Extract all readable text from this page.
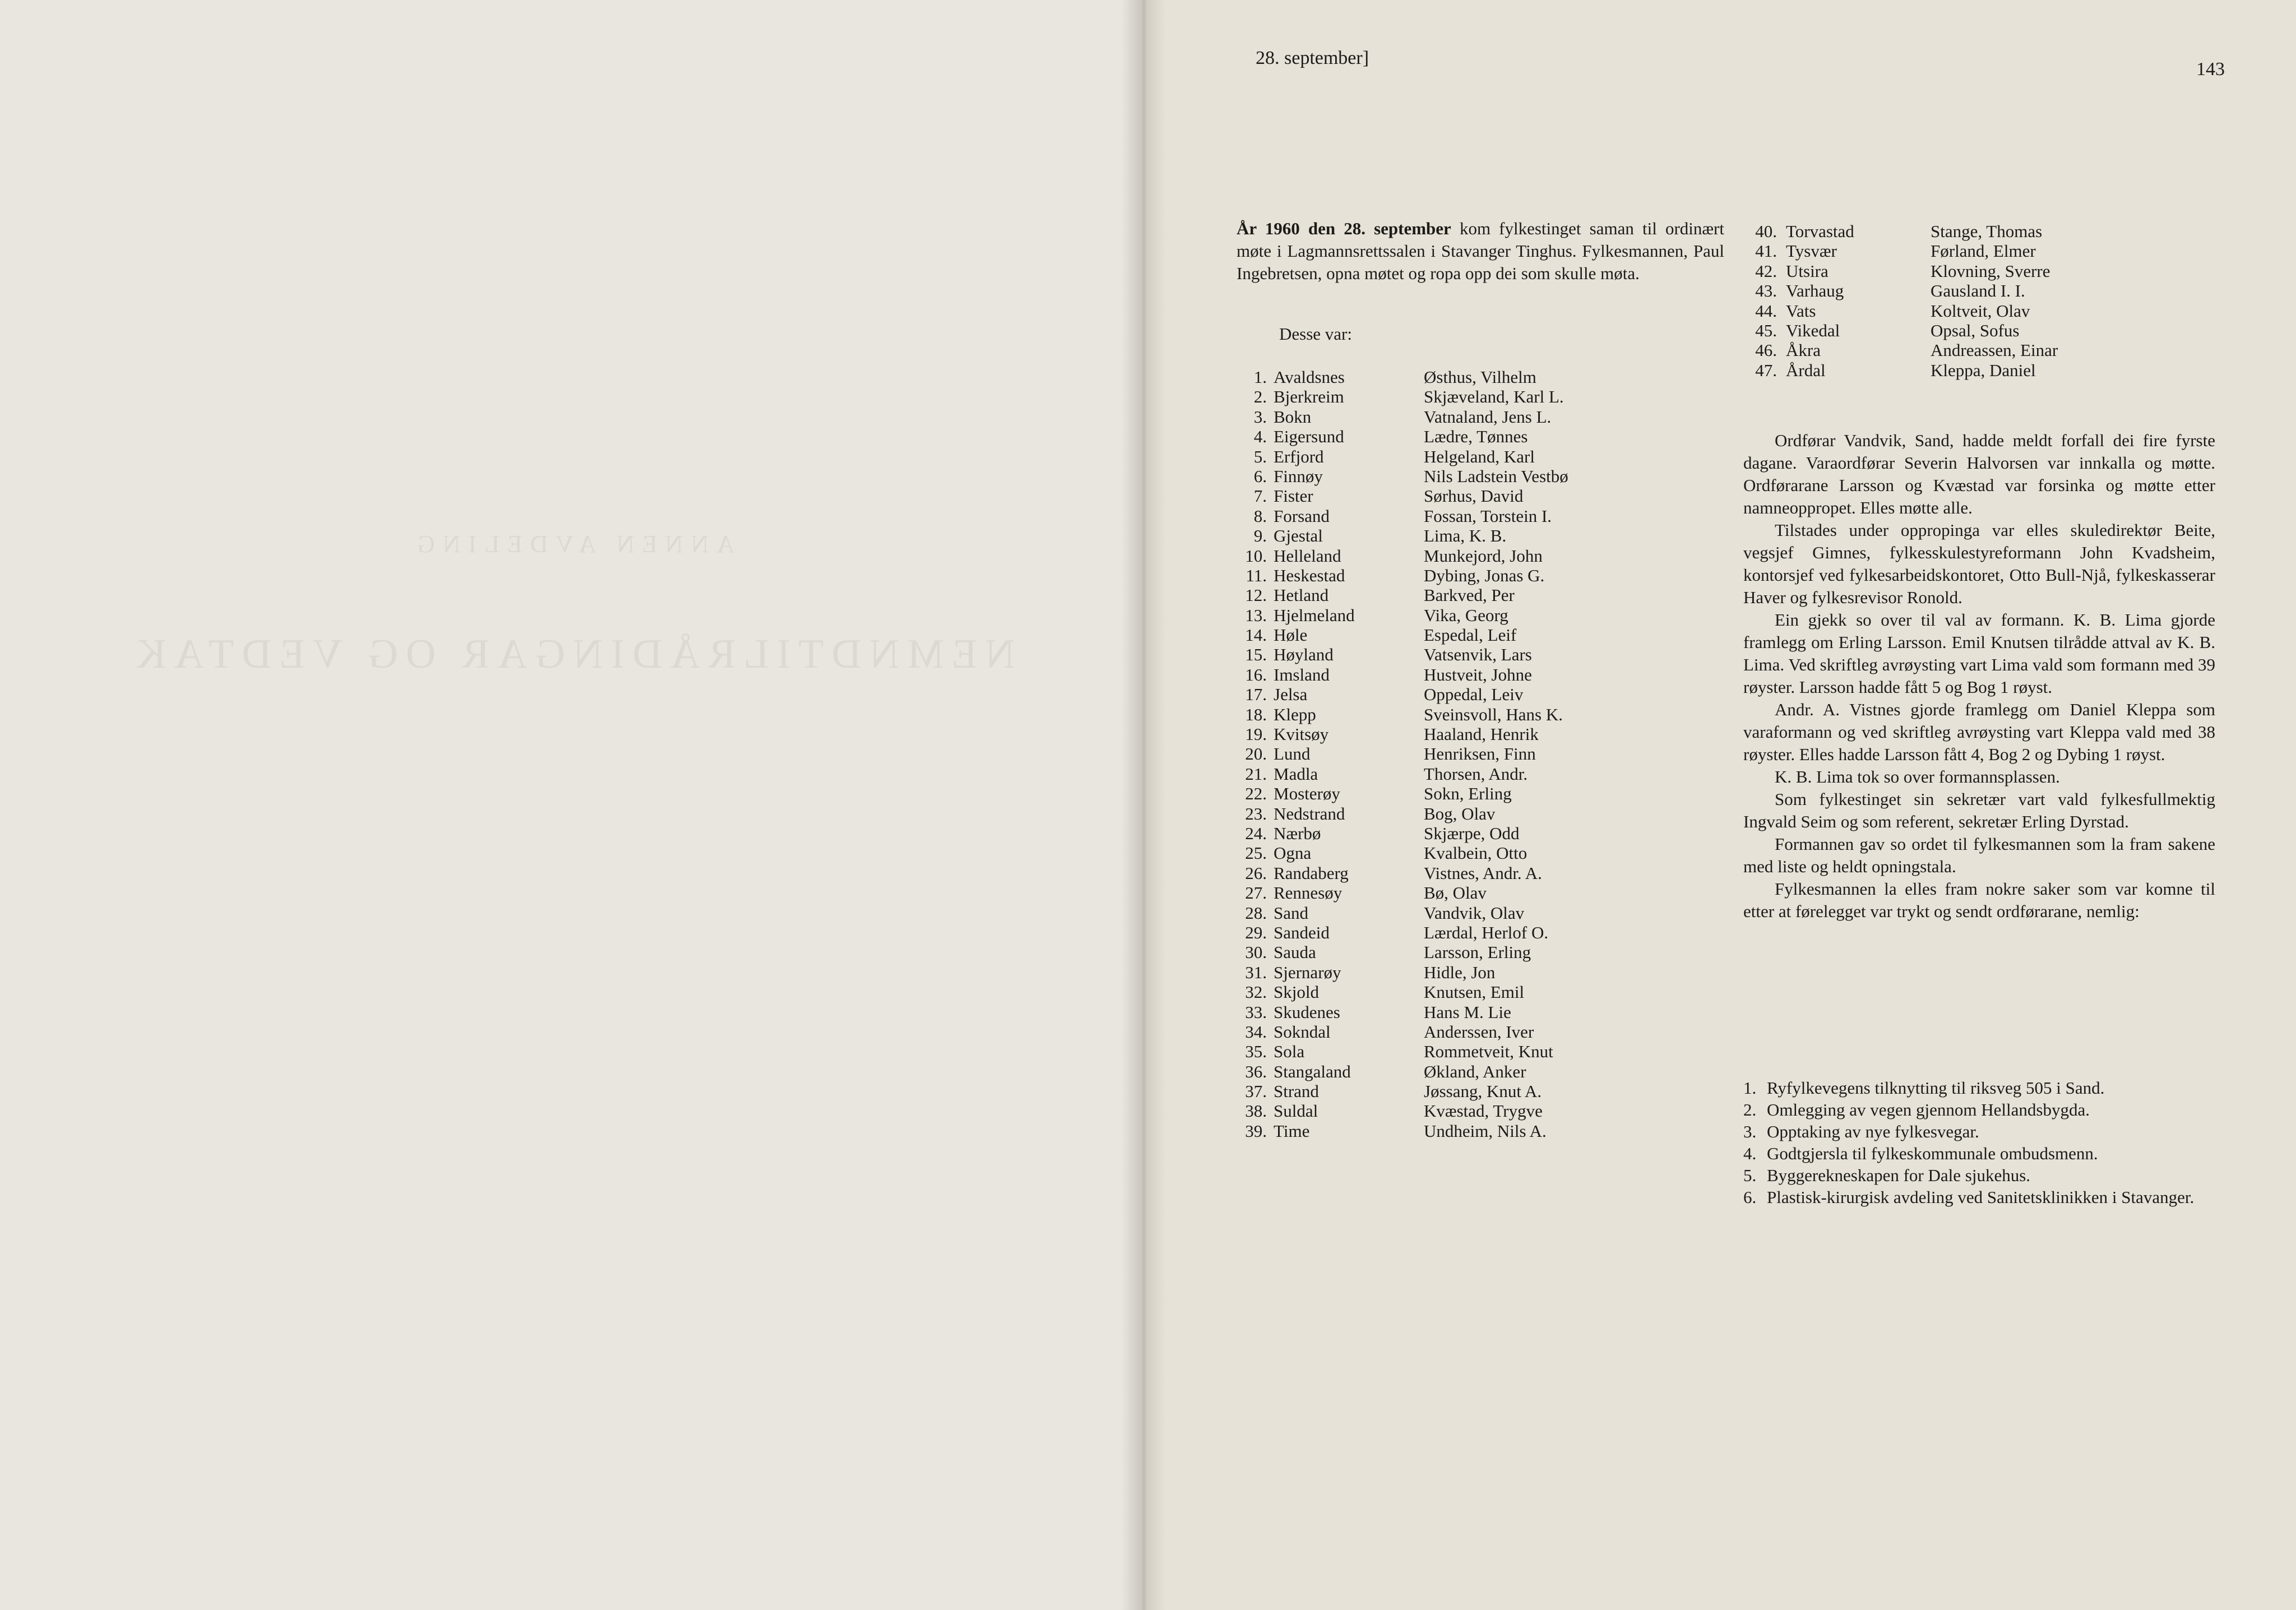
ANNEN AVDELING
NEMNDTILRÅDINGAR OG VEDTAK
28. september]
143

År 1960 den 28. september kom fylkestinget saman til ordinært møte i Lagmannsrettssalen i Stavanger Tinghus. Fylkesmannen, Paul Ingebretsen, opna møtet og ropa opp dei som skulle møta.

Desse var:
1. Avaldsnes	Østhus, Vilhelm
2. Bjerkreim	Skjæveland, Karl L.
3. Bokn	Vatnaland, Jens L.
4. Eigersund	Lædre, Tønnes
5. Erfjord	Helgeland, Karl
6. Finnøy	Nils Ladstein Vestbø
7. Fister	Sørhus, David
8. Forsand	Fossan, Torstein I.
9. Gjestal	Lima, K. B.
10. Helleland	Munkejord, John
11. Heskestad	Dybing, Jonas G.
12. Hetland	Barkved, Per
13. Hjelmeland	Vika, Georg
14. Høle	Espedal, Leif
15. Høyland	Vatsenvik, Lars
16. Imsland	Hustveit, Johne
17. Jelsa	Oppedal, Leiv
18. Klepp	Sveinsvoll, Hans K.
19. Kvitsøy	Haaland, Henrik
20. Lund	Henriksen, Finn
21. Madla	Thorsen, Andr.
22. Mosterøy	Sokn, Erling
23. Nedstrand	Bog, Olav
24. Nærbø	Skjærpe, Odd
25. Ogna	Kvalbein, Otto
26. Randaberg	Vistnes, Andr. A.
27. Rennesøy	Bø, Olav
28. Sand	Vandvik, Olav
29. Sandeid	Lærdal, Herlof O.
30. Sauda	Larsson, Erling
31. Sjernarøy	Hidle, Jon
32. Skjold	Knutsen, Emil
33. Skudenes	Hans M. Lie
34. Sokndal	Anderssen, Iver
35. Sola	Rommetveit, Knut
36. Stangaland	Økland, Anker
37. Strand	Jøssang, Knut A.
38. Suldal	Kvæstad, Trygve
39. Time	Undheim, Nils A.
40. Torvastad	Stange, Thomas
41. Tysvær	Førland, Elmer
42. Utsira	Klovning, Sverre
43. Varhaug	Gausland I. I.
44. Vats	Koltveit, Olav
45. Vikedal	Opsal, Sofus
46. Åkra	Andreassen, Einar
47. Årdal	Kleppa, Daniel

Ordførar Vandvik, Sand, hadde meldt forfall dei fire fyrste dagane. Varaordførar Severin Halvorsen var innkalla og møtte. Ordførarane Larsson og Kvæstad var forsinka og møtte etter namneoppropet. Elles møtte alle.

Tilstades under oppropinga var elles skuledirektør Beite, vegsjef Gimnes, fylkesskulestyreformann John Kvadsheim, kontorsjef ved fylkesarbeidskontoret, Otto Bull-Njå, fylkeskasserar Haver og fylkesrevisor Ronold.

Ein gjekk so over til val av formann. K. B. Lima gjorde framlegg om Erling Larsson. Emil Knutsen tilrådde attval av K. B. Lima. Ved skriftleg avrøysting vart Lima vald som formann med 39 røyster. Larsson hadde fått 5 og Bog 1 røyst.

Andr. A. Vistnes gjorde framlegg om Daniel Kleppa som varaformann og ved skriftleg avrøysting vart Kleppa vald med 38 røyster. Elles hadde Larsson fått 4, Bog 2 og Dybing 1 røyst.

K. B. Lima tok so over formannsplassen.

Som fylkestinget sin sekretær vart vald fylkesfullmektig Ingvald Seim og som referent, sekretær Erling Dyrstad.

Formannen gav so ordet til fylkesmannen som la fram sakene med liste og heldt opningstala.

Fylkesmannen la elles fram nokre saker som var komne til etter at førelegget var trykt og sendt ordførarane, nemlig:

1. Ryfylkevegens tilknytting til riksveg 505 i Sand.
2. Omlegging av vegen gjennom Hellandsbygda.
3. Opptaking av nye fylkesvegar.
4. Godtgjersla til fylkeskommunale ombudsmenn.
5. Byggerekneskapen for Dale sjukehus.
6. Plastisk-kirurgisk avdeling ved Sanitetsklinikken i Stavanger.
